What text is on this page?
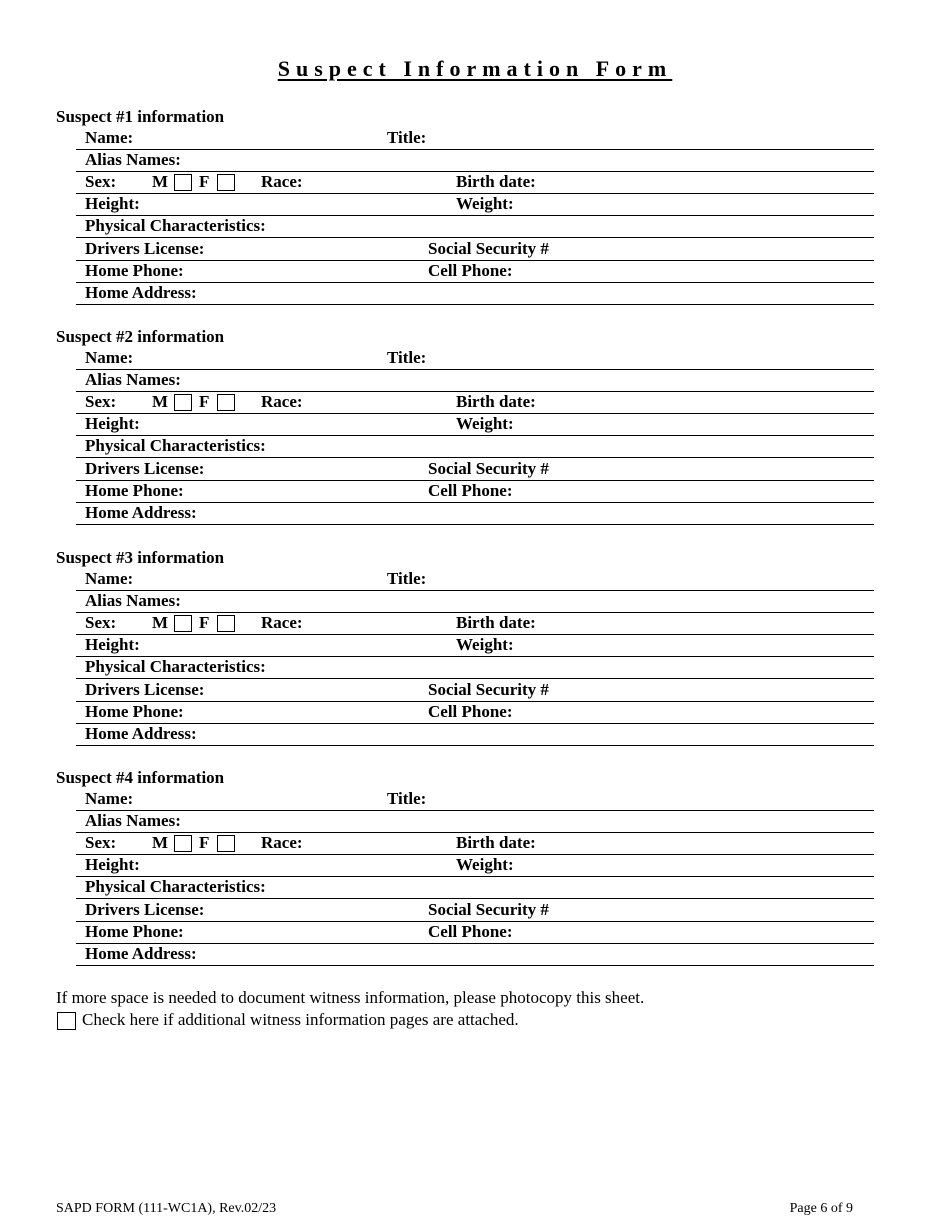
Suspect Information Form
Suspect #1 information
Name:	Title:
Alias Names:
Sex: M F	Race:	Birth date:
Height:	Weight:
Physical Characteristics:
Drivers License:	Social Security #
Home Phone:	Cell Phone:
Home Address:
Suspect #2 information
Name:	Title:
Alias Names:
Sex: M F	Race:	Birth date:
Height:	Weight:
Physical Characteristics:
Drivers License:	Social Security #
Home Phone:	Cell Phone:
Home Address:
Suspect #3 information
Name:	Title:
Alias Names:
Sex: M F	Race:	Birth date:
Height:	Weight:
Physical Characteristics:
Drivers License:	Social Security #
Home Phone:	Cell Phone:
Home Address:
Suspect #4 information
Name:	Title:
Alias Names:
Sex: M F	Race:	Birth date:
Height:	Weight:
Physical Characteristics:
Drivers License:	Social Security #
Home Phone:	Cell Phone:
Home Address:
If more space is needed to document witness information, please photocopy this sheet.
Check here if additional witness information pages are attached.
SAPD FORM (111-WC1A), Rev.02/23	Page 6 of 9
